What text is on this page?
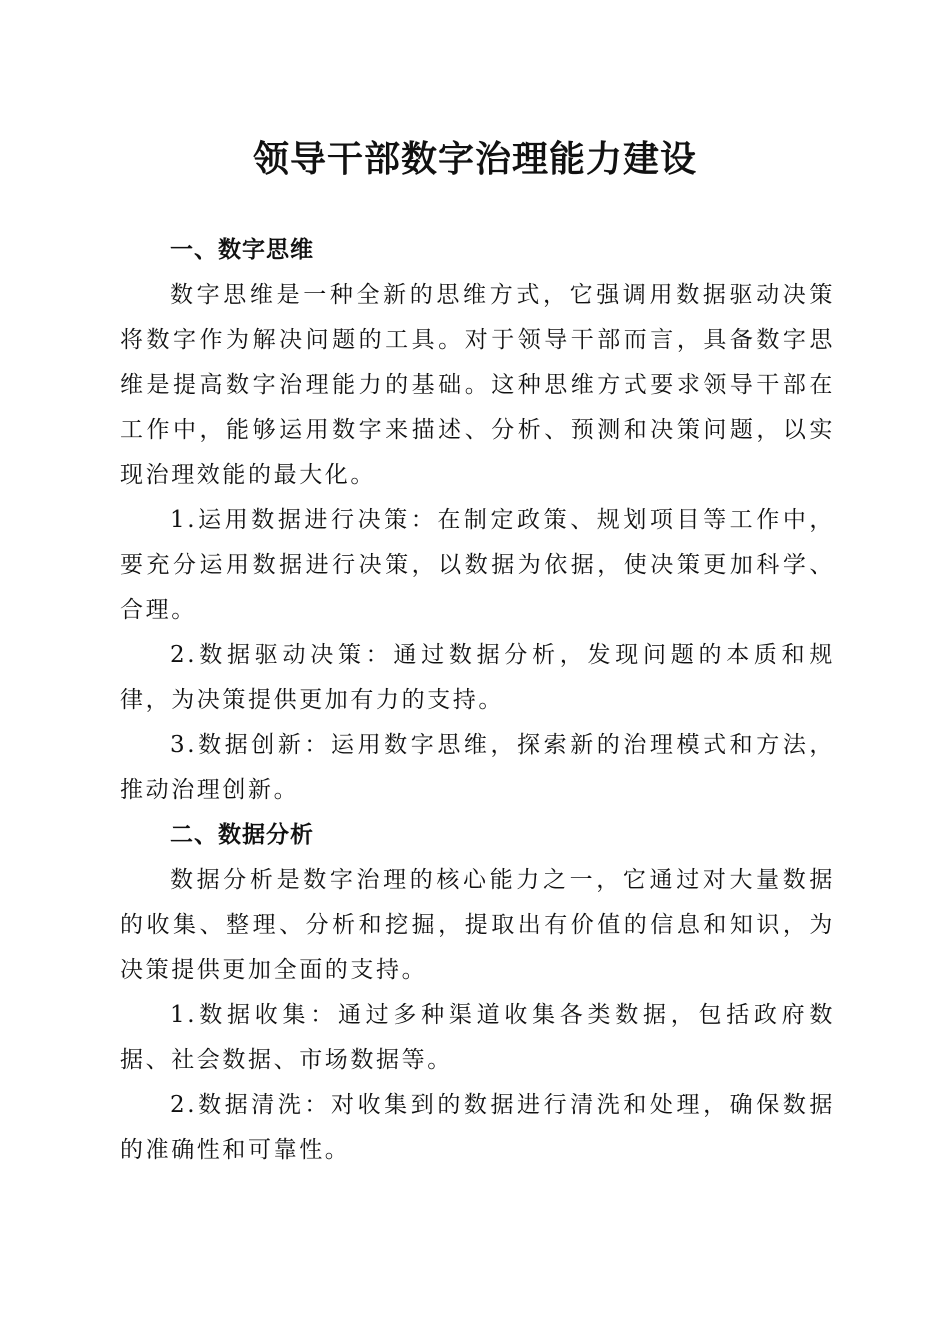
领导干部数字治理能力建设
一、数字思维

数字思维是一种全新的思维方式，它强调用数据驱动决策将数字作为解决问题的工具。对于领导干部而言，具备数字思维是提高数字治理能力的基础。这种思维方式要求领导干部在工作中，能够运用数字来描述、分析、预测和决策问题，以实现治理效能的最大化。

1.运用数据进行决策：在制定政策、规划项目等工作中，要充分运用数据进行决策，以数据为依据，使决策更加科学、合理。

2.数据驱动决策：通过数据分析，发现问题的本质和规律，为决策提供更加有力的支持。

3.数据创新：运用数字思维，探索新的治理模式和方法，推动治理创新。

二、数据分析

数据分析是数字治理的核心能力之一，它通过对大量数据的收集、整理、分析和挖掘，提取出有价值的信息和知识，为决策提供更加全面的支持。

1.数据收集：通过多种渠道收集各类数据，包括政府数据、社会数据、市场数据等。

2.数据清洗：对收集到的数据进行清洗和处理，确保数据的准确性和可靠性。
